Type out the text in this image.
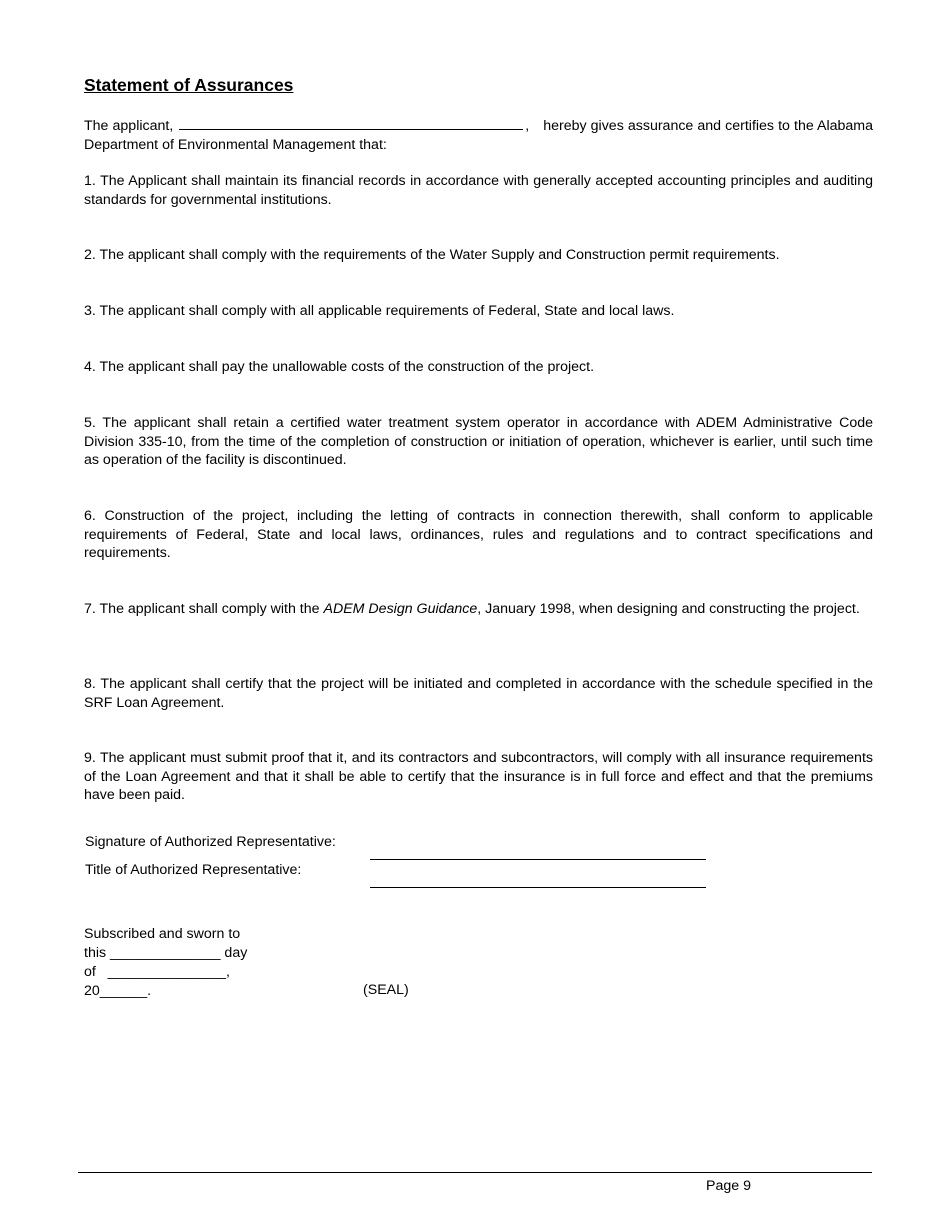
Statement of Assurances

The applicant,	, hereby gives assurance and certifies to the Alabama Department of Environmental Management that:

1. The Applicant shall maintain its financial records in accordance with generally accepted accounting principles and auditing standards for governmental institutions.

2. The applicant shall comply with the requirements of the Water Supply and Construction permit requirements.

3. The applicant shall comply with all applicable requirements of Federal, State and local laws.

4. The applicant shall pay the unallowable costs of the construction of the project.

5. The applicant shall retain a certified water treatment system operator in accordance with ADEM Administrative Code Division 335-10, from the time of the completion of construction or initiation of operation, whichever is earlier, until such time as operation of the facility is discontinued.

6. Construction of the project, including the letting of contracts in connection therewith, shall conform to applicable requirements of Federal, State and local laws, ordinances, rules and regulations and to contract specifications and requirements.

7. The applicant shall comply with the ADEM Design Guidance, January 1998, when designing and constructing the project.

8. The applicant shall certify that the project will be initiated and completed in accordance with the schedule specified in the SRF Loan Agreement.

9. The applicant must submit proof that it, and its contractors and subcontractors, will comply with all insurance requirements of the Loan Agreement and that it shall be able to certify that the insurance is in full force and effect and that the premiums have been paid.

Signature of Authorized Representative:
Title of Authorized Representative:
Subscribed and sworn to
this ______________ day
of   _______________,
20______.	(SEAL)
Page 9
